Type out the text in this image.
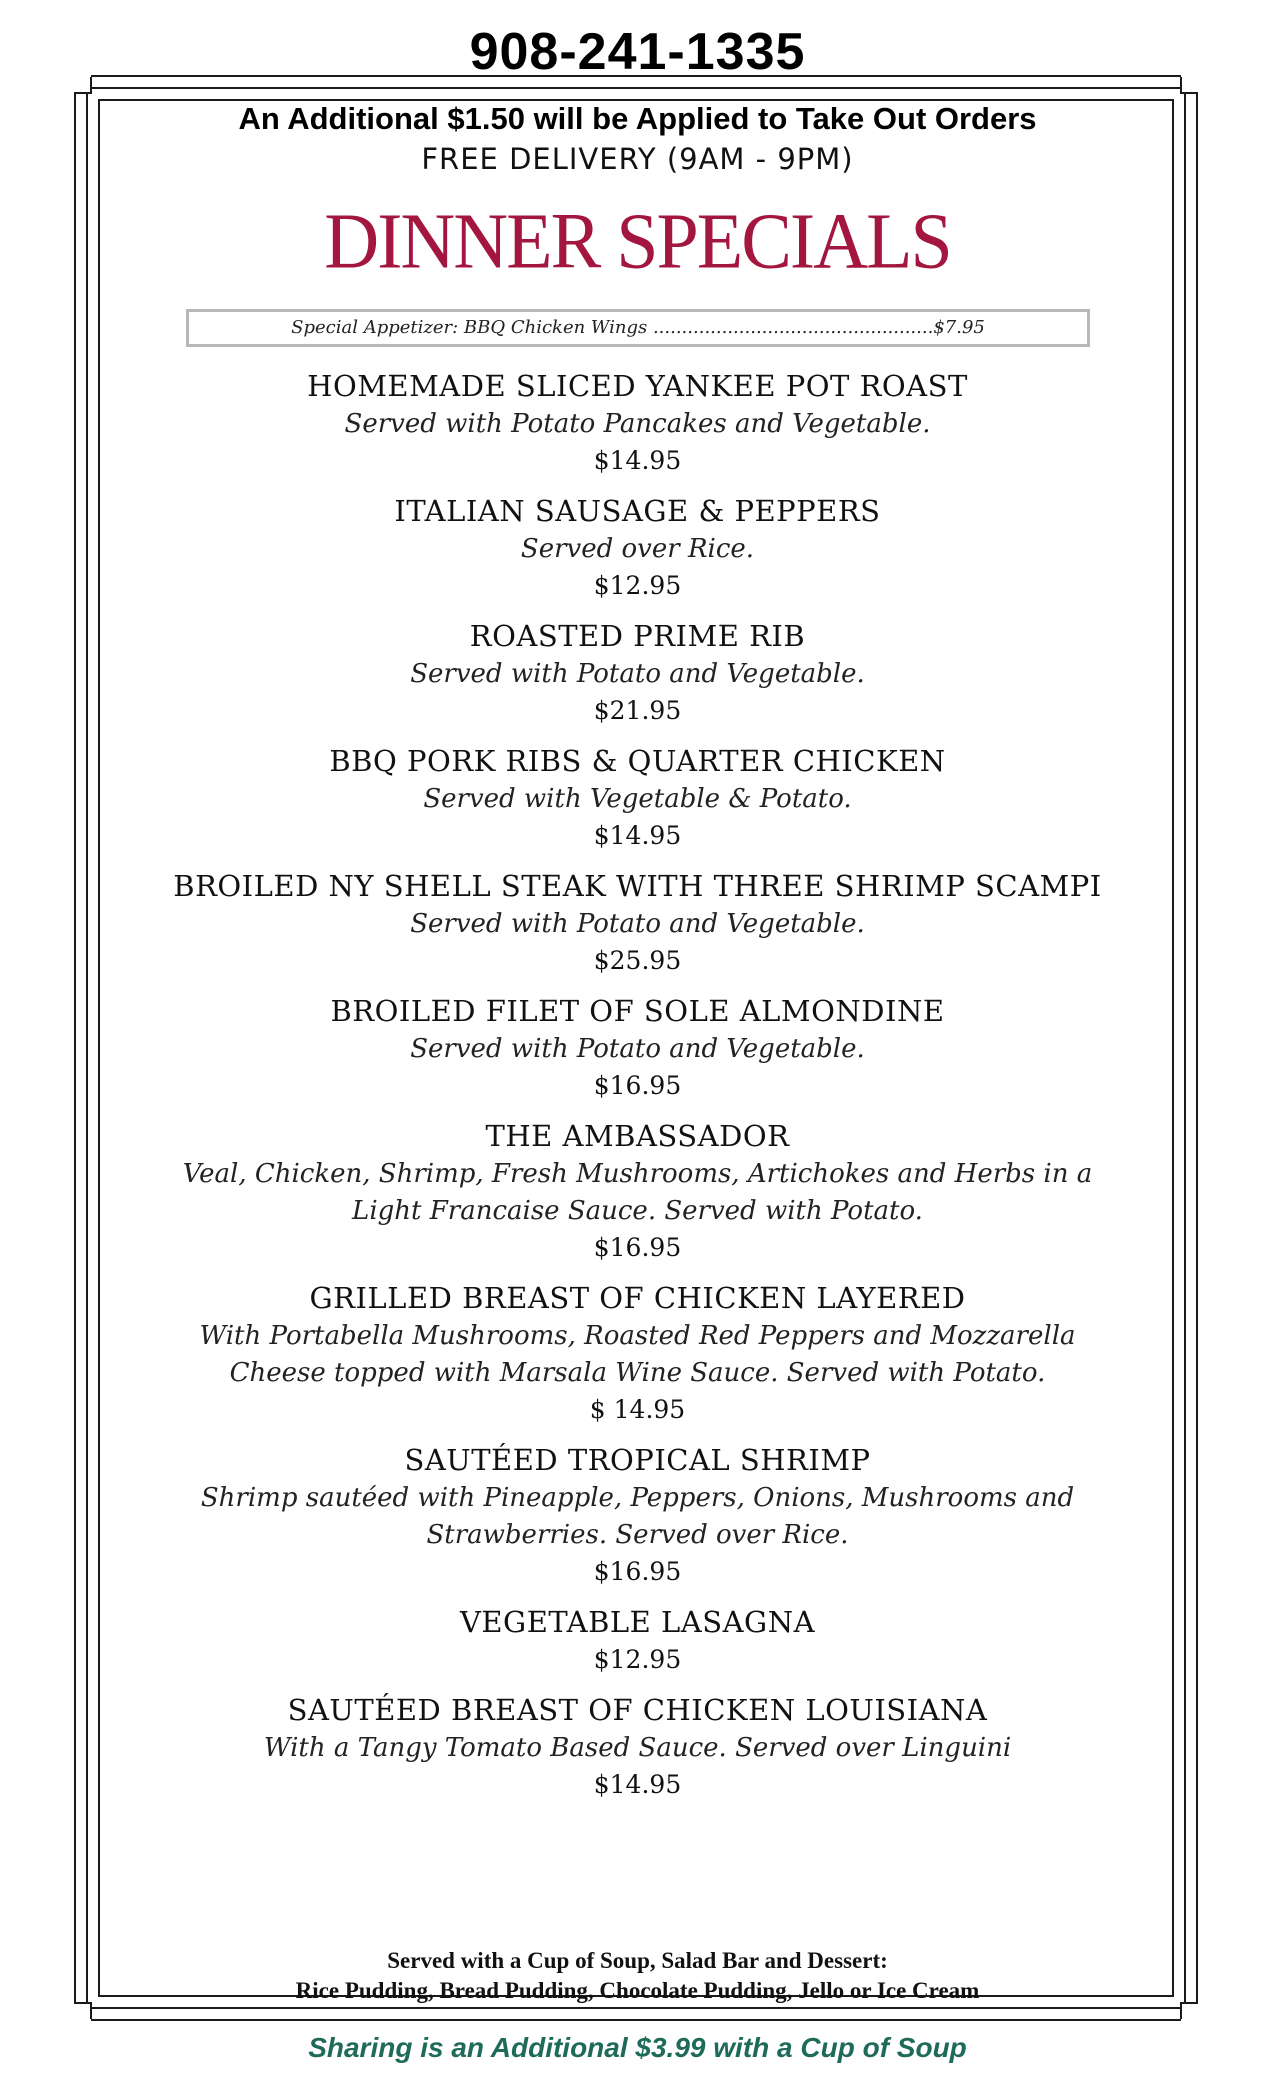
908-241-1335
An Additional $1.50 will be Applied to Take Out Orders
FREE DELIVERY (9AM - 9PM)
DINNER SPECIALS
Special Appetizer: BBQ Chicken Wings .................................................$7.95
HOMEMADE SLICED YANKEE POT ROAST
Served with Potato Pancakes and Vegetable.
$14.95
ITALIAN SAUSAGE & PEPPERS
Served over Rice.
$12.95
ROASTED PRIME RIB
Served with Potato and Vegetable.
$21.95
BBQ PORK RIBS & QUARTER CHICKEN
Served with Vegetable & Potato.
$14.95
BROILED NY SHELL STEAK WITH THREE SHRIMP SCAMPI
Served with Potato and Vegetable.
$25.95
BROILED FILET OF SOLE ALMONDINE
Served with Potato and Vegetable.
$16.95
THE AMBASSADOR
Veal, Chicken, Shrimp, Fresh Mushrooms, Artichokes and Herbs in a
Light Francaise Sauce. Served with Potato.
$16.95
GRILLED BREAST OF CHICKEN LAYERED
With Portabella Mushrooms, Roasted Red Peppers and Mozzarella
Cheese topped with Marsala Wine Sauce. Served with Potato.
$ 14.95
SAUTÉED TROPICAL SHRIMP
Shrimp sautéed with Pineapple, Peppers, Onions, Mushrooms and
Strawberries. Served over Rice.
$16.95
VEGETABLE LASAGNA
$12.95
SAUTÉED BREAST OF CHICKEN LOUISIANA
With a Tangy Tomato Based Sauce. Served over Linguini
$14.95
Served with a Cup of Soup, Salad Bar and Dessert:
Rice Pudding, Bread Pudding, Chocolate Pudding, Jello or Ice Cream
Sharing is an Additional $3.99 with a Cup of Soup
